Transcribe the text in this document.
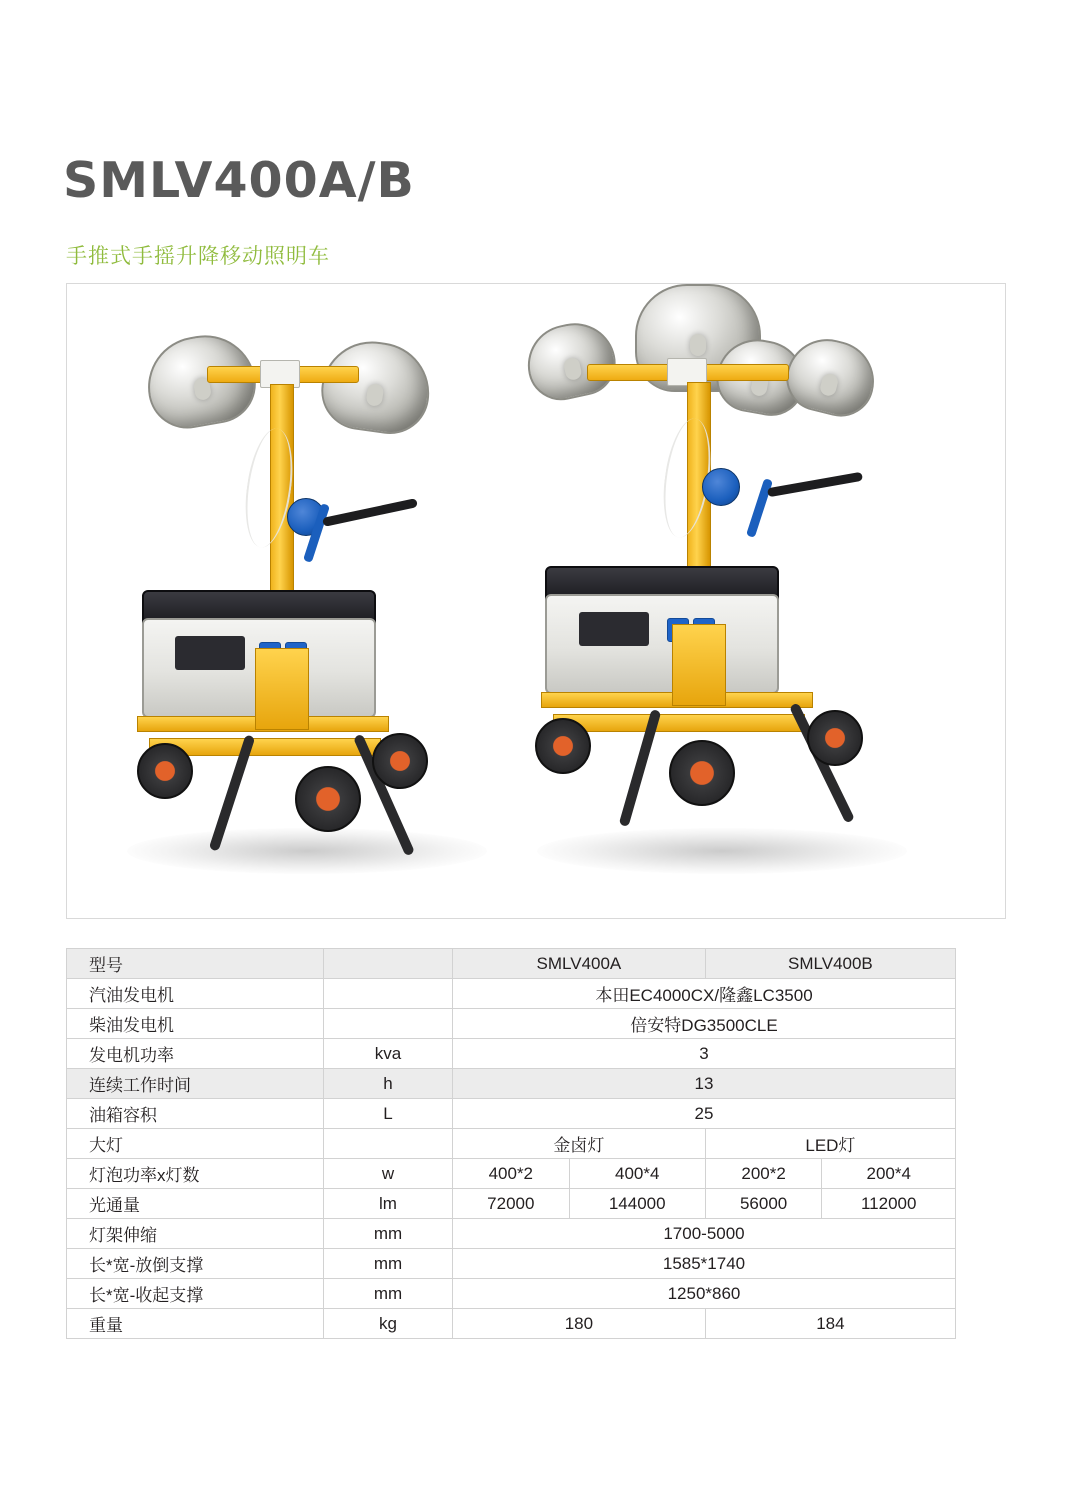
SMLV400A/B
手推式手摇升降移动照明车
型号		SMLV400A		SMLV400B	
汽油发电机		本田EC4000CX/隆鑫LC3500			
柴油发电机		倍安特DG3500CLE			
发电机功率	kva	3			
连续工作时间	h	13			
油箱容积	L	25			
大灯		金卤灯		LED灯	
灯泡功率x灯数	w	400*2	400*4	200*2	200*4
光通量	lm	72000	144000	56000	112000
灯架伸缩	mm	1700-5000			
长*宽-放倒支撑	mm	1585*1740			
长*宽-收起支撑	mm	1250*860			
重量	kg	180		184	
